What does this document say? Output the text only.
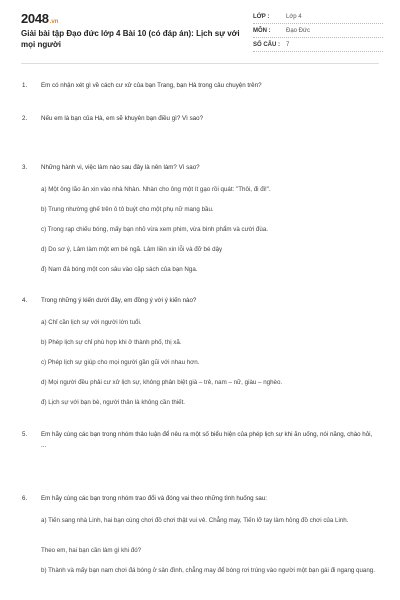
2048.vn
Giải bài tập Đạo đức lớp 4 Bài 10 (có đáp án): Lịch sự với mọi người
LỚP :	Lớp 4
MÔN :	Đạo Đức
SỐ CÂU : 7
1.	Em có nhận xét gì về cách cư xử của bạn Trang, bạn Hà trong câu chuyện trên?
2.	Nếu em là bạn của Hà, em sẽ khuyên bạn điều gì? Vì sao?
3.	Những hành vi, việc làm nào sau đây là nên làm? Vì sao?
a) Một ông lão ăn xin vào nhà Nhàn. Nhàn cho ông một ít gạo rồi quát: "Thôi, đi đi!".
b) Trung nhường ghế trên ô tô buýt cho một phụ nữ mang bầu.
c) Trong rạp chiếu bóng, mấy bạn nhỏ vừa xem phim, vừa bình phẩm và cười đùa.
d) Do sơ ý, Lâm làm một em bé ngã. Lâm liền xin lỗi và đỡ bé dậy
đ) Nam đá bóng một con sâu vào cặp sách của bạn Nga.
4.	Trong những ý kiến dưới đây, em đồng ý với ý kiến nào?
a) Chỉ cần lịch sự với người lớn tuổi.
b) Phép lịch sự chỉ phù hợp khi ở thành phố, thị xã.
c) Phép lịch sự giúp cho mọi người gần gũi với nhau hơn.
d) Mọi người đều phải cư xử lịch sự, không phân biệt già – trẻ, nam – nữ, giàu – nghèo.
đ) Lịch sự với bạn bè, người thân là không cần thiết.
5.	Em hãy cùng các bạn trong nhóm thảo luận để nêu ra một số biểu hiện của phép lịch sự khi ăn uống, nói năng, chào hỏi, ...
6.	Em hãy cùng các bạn trong nhóm trao đổi và đóng vai theo những tình huống sau:
a) Tiến sang nhà Linh, hai bạn cùng chơi đồ chơi thật vui vẻ. Chẳng may, Tiến lỡ tay làm hỏng đồ chơi của Linh.
Theo em, hai bạn cần làm gì khi đó?
b) Thành và mấy bạn nam chơi đá bóng ở sân đình, chẳng may để bóng rơi trúng vào người một bạn gái đi ngang quang.
